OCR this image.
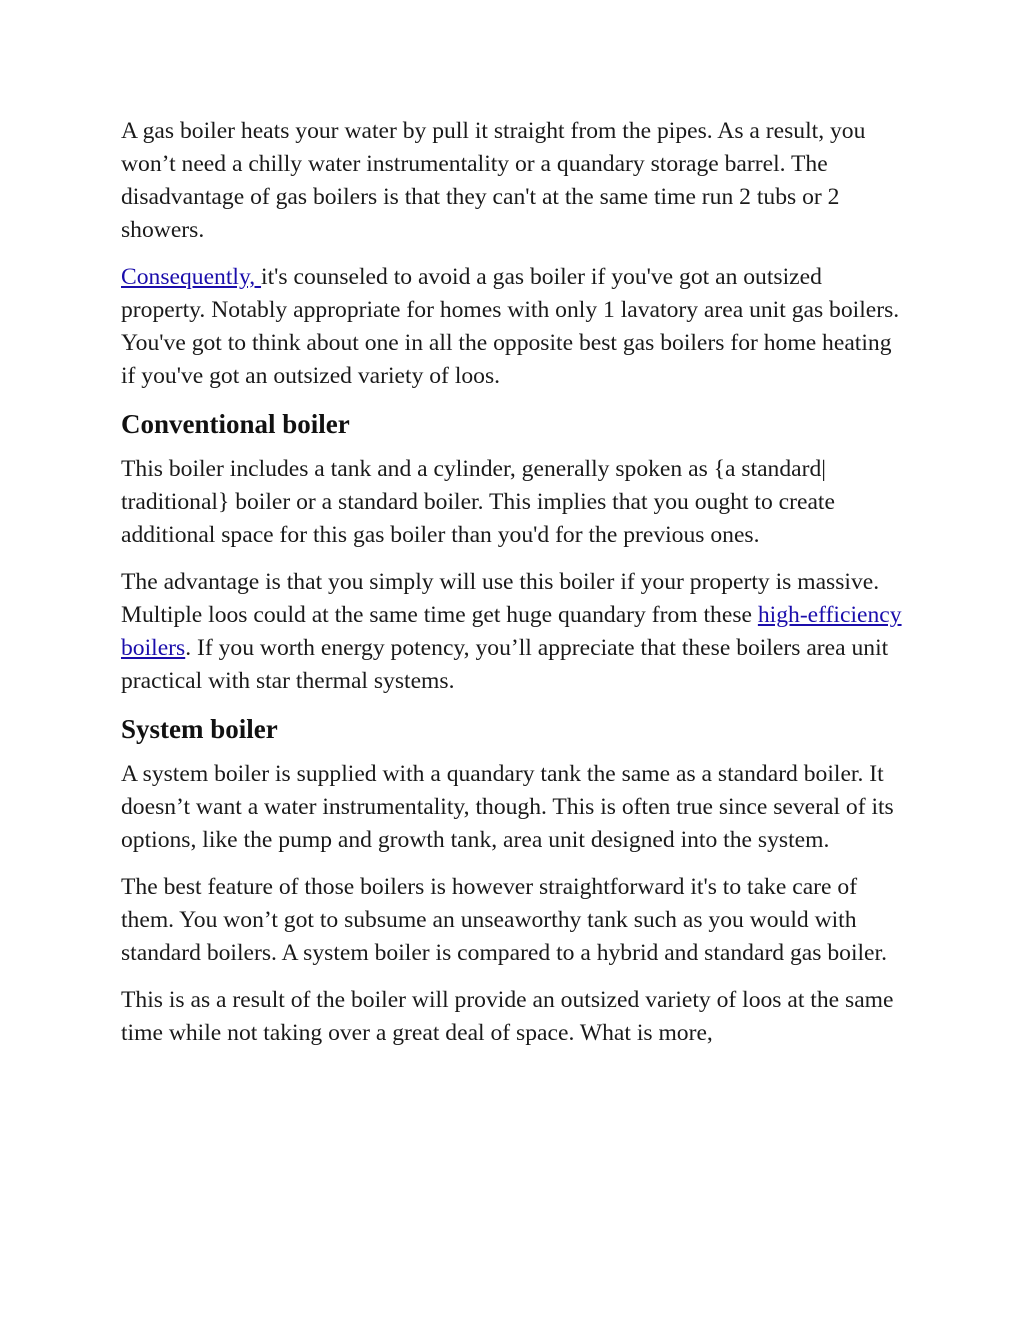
A gas boiler heats your water by pull it straight from the pipes. As a result, you won’t need a chilly water instrumentality or a quandary storage barrel. The disadvantage of gas boilers is that they can't at the same time run 2 tubs or 2 showers.

Consequently, it's counseled to avoid a gas boiler if you've got an outsized property. Notably appropriate for homes with only 1 lavatory area unit gas boilers. You've got to think about one in all the opposite best gas boilers for home heating if you've got an outsized variety of loos.

Conventional boiler

This boiler includes a tank and a cylinder, generally spoken as {a standard| traditional} boiler or a standard boiler. This implies that you ought to create additional space for this gas boiler than you'd for the previous ones.

The advantage is that you simply will use this boiler if your property is massive. Multiple loos could at the same time get huge quandary from these high-efficiency boilers. If you worth energy potency, you’ll appreciate that these boilers area unit practical with star thermal systems.

System boiler

A system boiler is supplied with a quandary tank the same as a standard boiler. It doesn’t want a water instrumentality, though. This is often true since several of its options, like the pump and growth tank, area unit designed into the system.

The best feature of those boilers is however straightforward it's to take care of them. You won’t got to subsume an unseaworthy tank such as you would with standard boilers. A system boiler is compared to a hybrid and standard gas boiler.

This is as a result of the boiler will provide an outsized variety of loos at the same time while not taking over a great deal of space. What is more,
